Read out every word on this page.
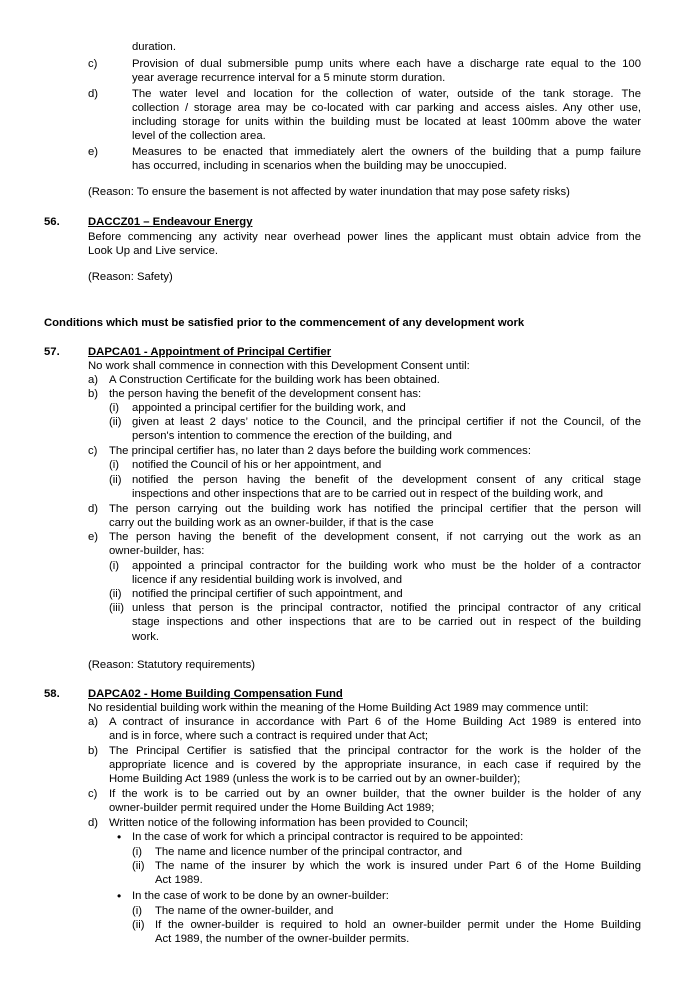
duration.
c)	Provision of dual submersible pump units where each have a discharge rate equal to the 100
year average recurrence interval for a 5 minute storm duration.
d)	The water level and location for the collection of water, outside of the tank storage. The
collection / storage area may be co-located with car parking and access aisles. Any other use,
including storage for units within the building must be located at least 100mm above the water
level of the collection area.
e)	Measures to be enacted that immediately alert the owners of the building that a pump failure
has occurred, including in scenarios when the building may be unoccupied.
(Reason: To ensure the basement is not affected by water inundation that may pose safety risks)
56.	DACCZ01 – Endeavour Energy
Before commencing any activity near overhead power lines the applicant must obtain advice from the
Look Up and Live service.
(Reason: Safety)
Conditions which must be satisfied prior to the commencement of any development work
57.	DAPCA01 - Appointment of Principal Certifier
No work shall commence in connection with this Development Consent until:
a) A Construction Certificate for the building work has been obtained.
b) the person having the benefit of the development consent has:
(i) appointed a principal certifier for the building work, and
(ii) given at least 2 days’ notice to the Council, and the principal certifier if not the Council, of the
person's intention to commence the erection of the building, and
c) The principal certifier has, no later than 2 days before the building work commences:
(i) notified the Council of his or her appointment, and
(ii) notified the person having the benefit of the development consent of any critical stage
inspections and other inspections that are to be carried out in respect of the building work, and
d) The person carrying out the building work has notified the principal certifier that the person will
carry out the building work as an owner-builder, if that is the case
e) The person having the benefit of the development consent, if not carrying out the work as an
owner-builder, has:
(i) appointed a principal contractor for the building work who must be the holder of a contractor
licence if any residential building work is involved, and
(ii) notified the principal certifier of such appointment, and
(iii) unless that person is the principal contractor, notified the principal contractor of any critical
stage inspections and other inspections that are to be carried out in respect of the building
work.
(Reason: Statutory requirements)
58.	DAPCA02 - Home Building Compensation Fund
No residential building work within the meaning of the Home Building Act 1989 may commence until:
a) A contract of insurance in accordance with Part 6 of the Home Building Act 1989 is entered into
and is in force, where such a contract is required under that Act;
b) The Principal Certifier is satisfied that the principal contractor for the work is the holder of the
appropriate licence and is covered by the appropriate insurance, in each case if required by the
Home Building Act 1989 (unless the work is to be carried out by an owner-builder);
c) If the work is to be carried out by an owner builder, that the owner builder is the holder of any
owner-builder permit required under the Home Building Act 1989;
d) Written notice of the following information has been provided to Council;
• In the case of work for which a principal contractor is required to be appointed:
(i) The name and licence number of the principal contractor, and
(ii) The name of the insurer by which the work is insured under Part 6 of the Home Building
Act 1989.
• In the case of work to be done by an owner-builder:
(i) The name of the owner-builder, and
(ii) If the owner-builder is required to hold an owner-builder permit under the Home Building
Act 1989, the number of the owner-builder permits.
